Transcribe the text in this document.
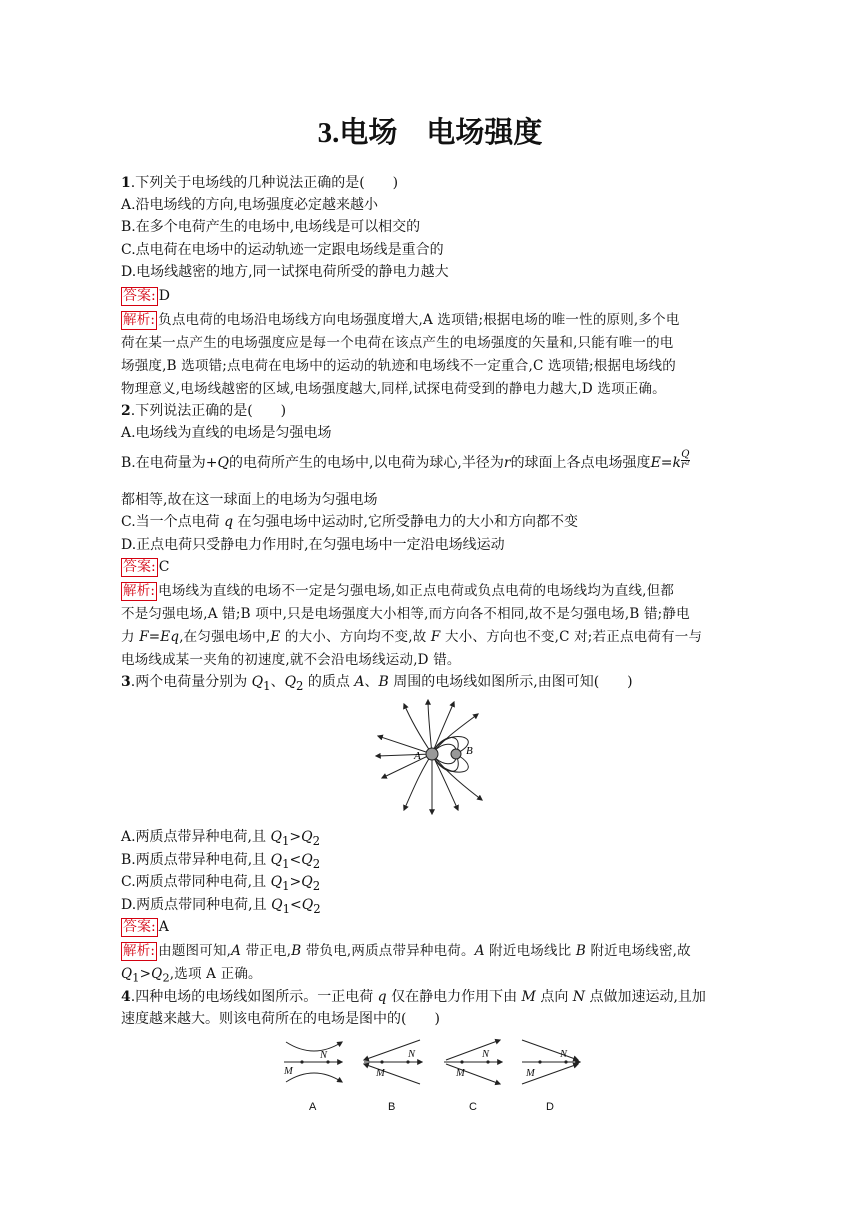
3.电场　电场强度
1.下列关于电场线的几种说法正确的是(　　)
A.沿电场线的方向,电场强度必定越来越小
B.在多个电荷产生的电场中,电场线是可以相交的
C.点电荷在电场中的运动轨迹一定跟电场线是重合的
D.电场线越密的地方,同一试探电荷所受的静电力越大
答案: D
解析: 负点电荷的电场沿电场线方向电场强度增大,A 选项错;根据电场的唯一性的原则,多个电
荷在某一点产生的电场强度应是每一个电荷在该点产生的电场强度的矢量和,只能有唯一的电
场强度,B 选项错;点电荷在电场中的运动的轨迹和电场线不一定重合,C 选项错;根据电场线的
物理意义,电场线越密的区域,电场强度越大,同样,试探电荷受到的静电力越大,D 选项正确。
2.下列说法正确的是(　　)
A.电场线为直线的电场是匀强电场
B.在电荷量为+Q的电荷所产生的电场中,以电荷为球心,半径为r的球面上各点电场强度$E=k \frac{Q}{\text{r²}}$
都相等,故在这一球面上的电场为匀强电场
C.当一个点电荷 q 在匀强电场中运动时,它所受静电力的大小和方向都不变
D.正点电荷只受静电力作用时,在匀强电场中一定沿电场线运动
答案: C
解析: 电场线为直线的电场不一定是匀强电场,如正点电荷或负点电荷的电场线均为直线,但都
不是匀强电场,A 错;B 项中,只是电场强度大小相等,而方向各不相同,故不是匀强电场,B 错;静电
力 F=Eq,在匀强电场中,E 的大小、方向均不变,故 F 大小、方向也不变,C 对;若正点电荷有一与
电场线成某一夹角的初速度,就不会沿电场线运动,D 错。
3.两个电荷量分别为 $Q_1$、$Q_2$ 的质点 A、B 周围的电场线如图所示,由图可知(　　)
A	B
A.两质点带异种电荷,且 $Q_1>Q_2$
B.两质点带异种电荷,且 $Q_1<Q_2$
C.两质点带同种电荷,且 $Q_1>Q_2$
D.两质点带同种电荷,且 $Q_1<Q_2$
答案: A
解析: 由题图可知,A 带正电,B 带负电,两质点带异种电荷。A 附近电场线比 B 附近电场线密,故
$Q_1>Q_2$,选项 A 正确。
4.四种电场的电场线如图所示。一正电荷 q 仅在静电力作用下由 M 点向 N 点做加速运动,且加
速度越来越大。则该电荷所在的电场是图中的(　　)
M
N
M
N
M
N
M
N
A	B	C	D
